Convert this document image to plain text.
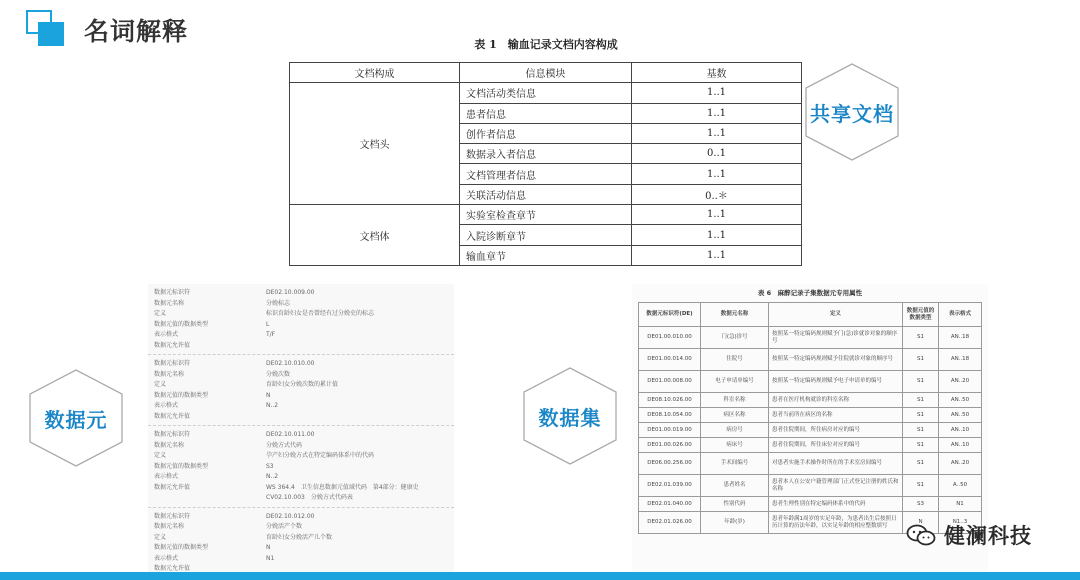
名词解释	表 1　输血记录文档内容构成
文档构成	信息模块	基数
文档头	文档活动类信息	1..1
	患者信息	1..1
	创作者信息	1..1
	数据录入者信息	0..1
	文档管理者信息	1..1
	关联活动信息	0..＊
文档体	实验室检查章节	1..1
	入院诊断章节	1..1
	输血章节	1..1
共享文档
数据元	数据集
数据元标识符	DE02.10.009.00
数据元名称	分娩标志
定义	标识育龄妇女是否曾经有过分娩史的标志
数据元值的数据类型	L
表示格式	T/F
数据元允许值
数据元标识符	DE02.10.010.00
数据元名称	分娩次数
定义	育龄妇女分娩次数的累计值
数据元值的数据类型	N
表示格式	N..2
数据元允许值
数据元标识符	DE02.10.011.00
数据元名称	分娩方式代码
定义	孕产妇分娩方式在特定编码体系中的代码
数据元值的数据类型	S3
表示格式	N..2
数据元允许值	WS 364.4　卫生信息数据元值域代码　第4部分：健康史
CV02.10.003　分娩方式代码表
数据元标识符	DE02.10.012.00
数据元名称	分娩活产个数
定义	育龄妇女分娩活产儿个数
数据元值的数据类型	N
表示格式	N1
数据元允许值
表 6　麻醉记录子集数据元专用属性
数据元标识符(DE)	数据元名称	定义	数据元值的数据类型	表示格式
DE01.00.010.00	门(急)诊号	按照某一特定编码规则赋予门(急)诊就诊对象的顺序号	S1	AN..18
DE01.00.014.00	住院号	按照某一特定编码规则赋予住院就诊对象的顺序号	S1	AN..18
DE01.00.008.00	电子申请单编号	按照某一特定编码规则赋予电子申请单的编号	S1	AN..20
DE08.10.026.00	科室名称	患者在医疗机构就诊的科室名称	S1	AN..50
DE08.10.054.00	病区名称	患者当前所在病区的名称	S1	AN..50
DE01.00.019.00	病房号	患者住院期间，所住病房对应的编号	S1	AN..10
DE01.00.026.00	病床号	患者住院期间，所住床位对应的编号	S1	AN..10
DE06.00.256.00	手术间编号	对患者实施手术操作时所在的手术室房间编号	S1	AN..20
DE02.01.039.00	患者姓名	患者本人在公安户籍管理部门正式登记注册的姓氏和名称	S1	A..50
DE02.01.040.00	性别代码	患者生理性别在特定编码体系中的代码	S3	N1
DE02.01.026.00	年龄(岁)	患者年龄满1周岁的实足年龄，为患者出生后按照日历计算的历法年龄，以实足年龄的相应整数填写	N	N1..3
健澜科技
